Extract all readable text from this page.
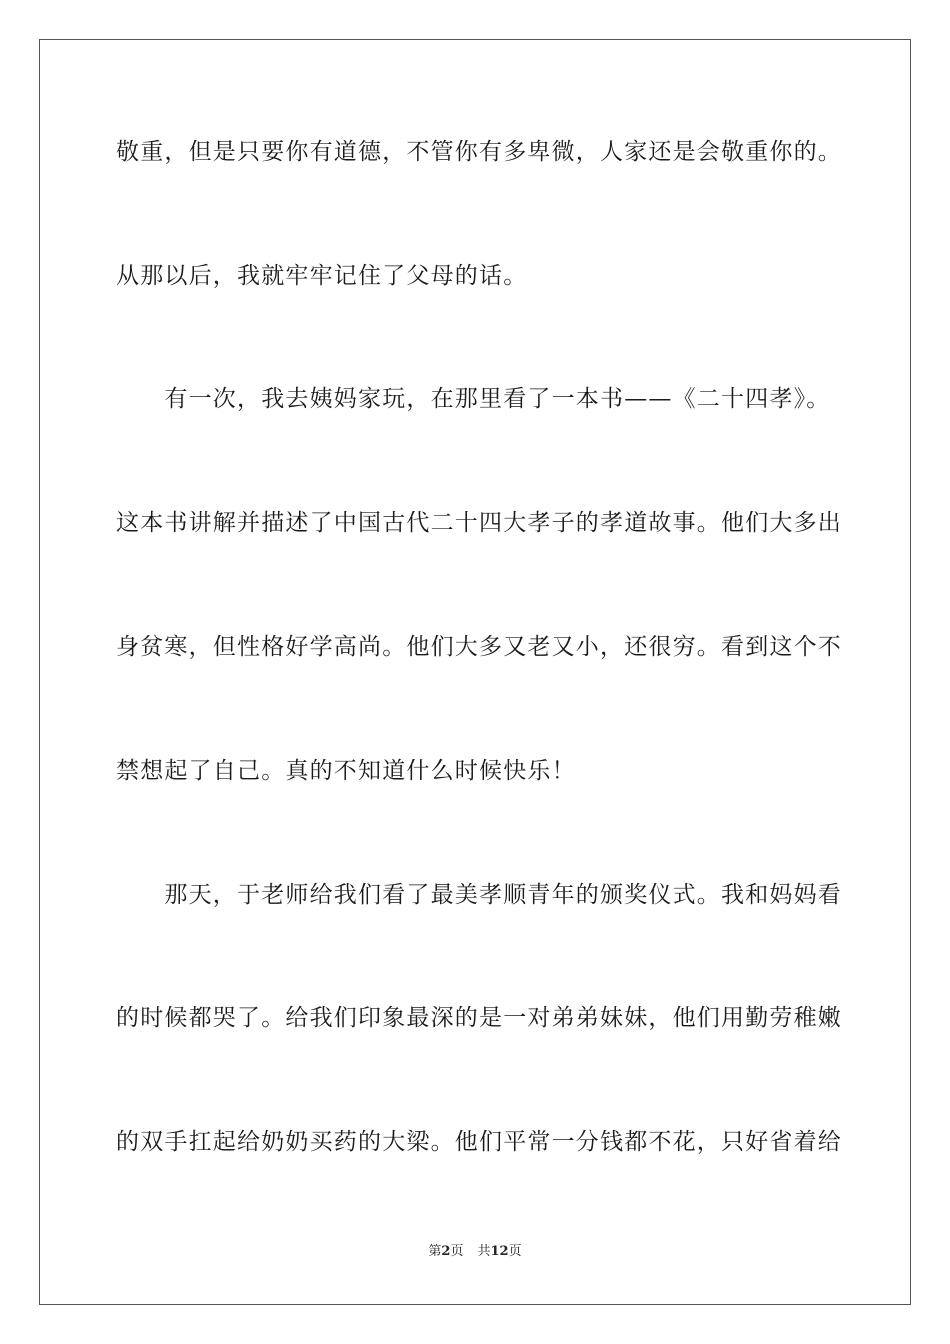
敬重，但是只要你有道德，不管你有多卑微，人家还是会敬重你的。
从那以后，我就牢牢记住了父母的话。
　　有一次，我去姨妈家玩，在那里看了一本书——《二十四孝》。
这本书讲解并描述了中国古代二十四大孝子的孝道故事。他们大多出
身贫寒，但性格好学高尚。他们大多又老又小，还很穷。看到这个不
禁想起了自己。真的不知道什么时候快乐！
　　那天，于老师给我们看了最美孝顺青年的颁奖仪式。我和妈妈看
的时候都哭了。给我们印象最深的是一对弟弟妹妹，他们用勤劳稚嫩
的双手扛起给奶奶买药的大梁。他们平常一分钱都不花，只好省着给
第2页 共12页
